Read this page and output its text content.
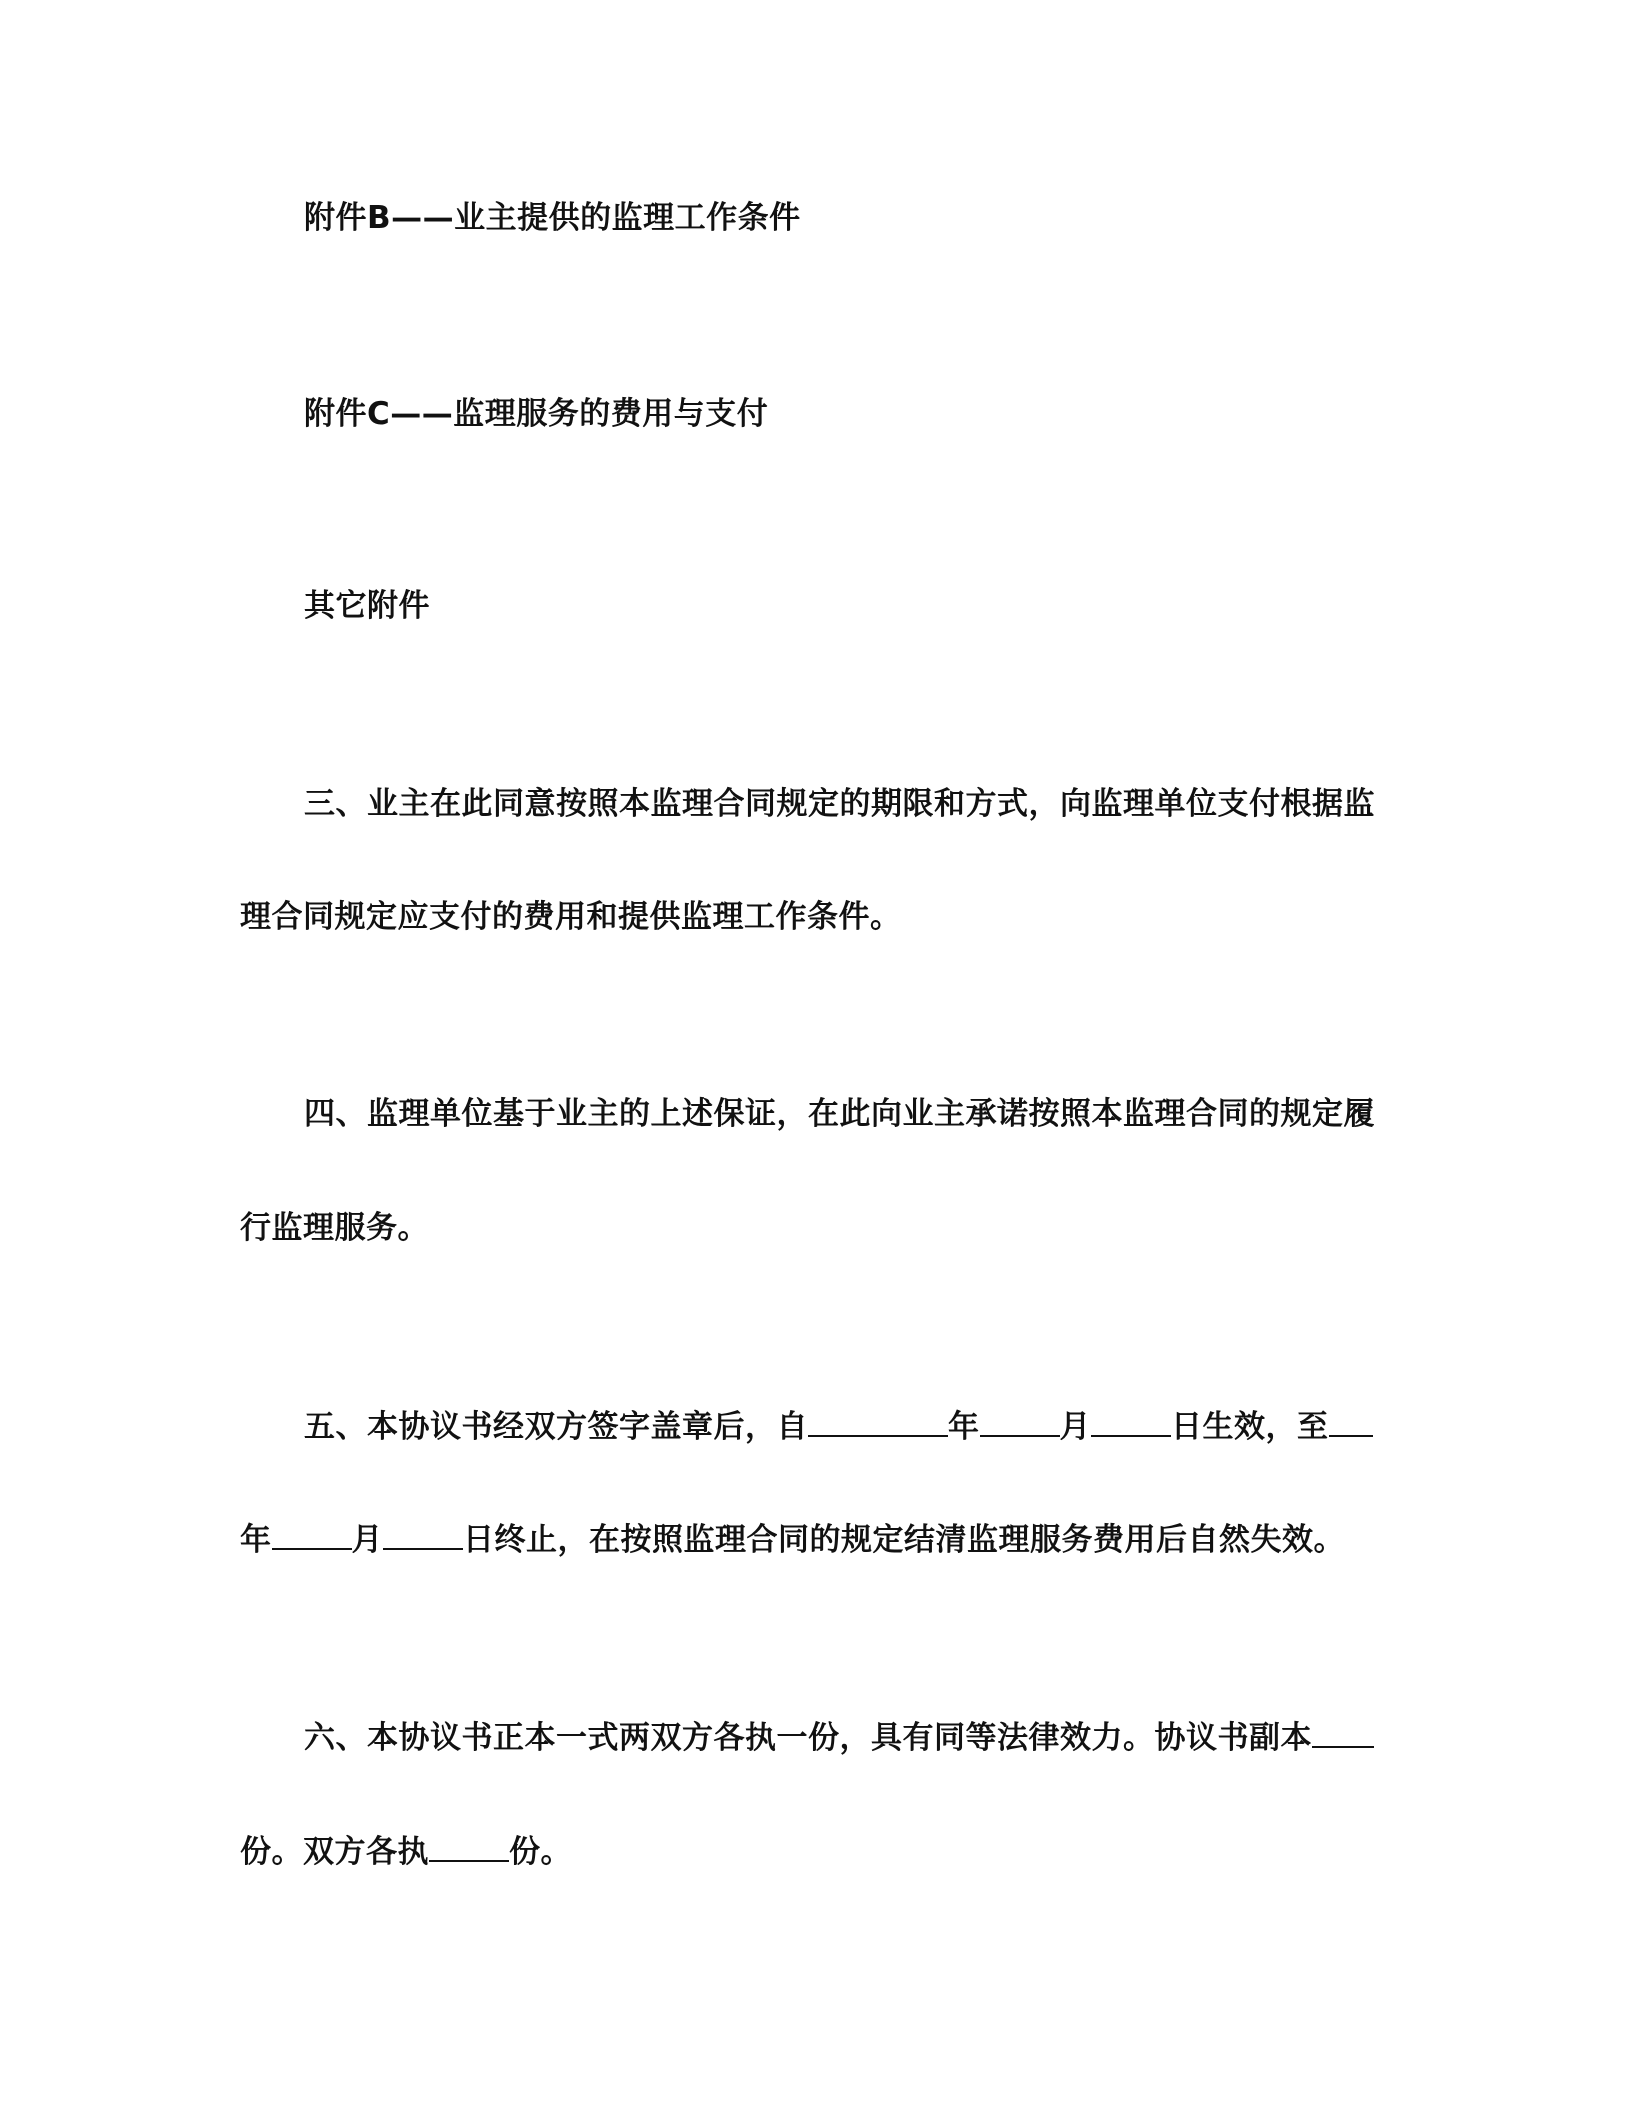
附件B——业主提供的监理工作条件
附件C——监理服务的费用与支付
其它附件
三、业主在此同意按照本监理合同规定的期限和方式，向监理单位支付根据监
理合同规定应支付的费用和提供监理工作条件。
四、监理单位基于业主的上述保证，在此向业主承诺按照本监理合同的规定履
行监理服务。
五、本协议书经双方签字盖章后，自	年	月	日生效，至
年	月	日终止，在按照监理合同的规定结清监理服务费用后自然失效。
六、本协议书正本一式两双方各执一份，具有同等法律效力。协议书副本
份。双方各执	份。
